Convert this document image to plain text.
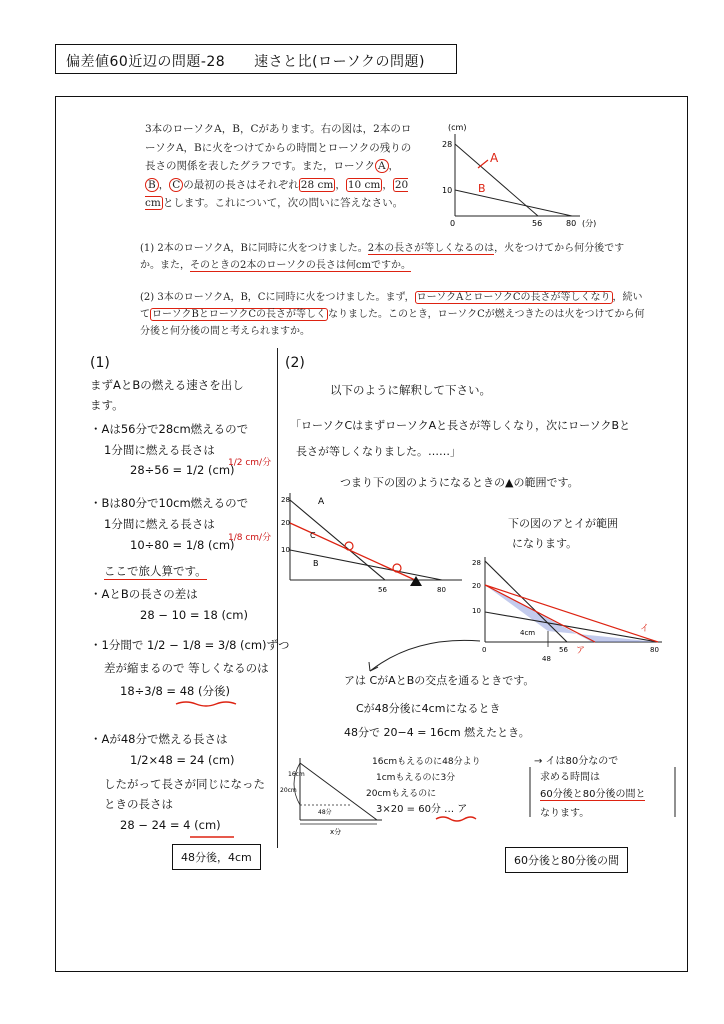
偏差値60近辺の問題-28　　速さと比(ローソクの問題)
3本のローソクA，B，Cがあります。右の図は，2本のローソクA，Bに火をつけてからの時間とローソクの残りの長さの関係を表したグラフです。また，ローソク A ，B ， C の最初の長さはそれぞれ 28 cm ， 10 cm ， 20 cm とします。これについて，次の問いに答えなさい。
(cm)
28
10
0	56	80 (分)
A
B
(1) 2本のローソクA，Bに同時に火をつけました。2本の長さが等しくなるのは，火をつけてから何分後ですか。また，そのときの2本のローソクの長さは何cmですか。
(2) 3本のローソクA，B，Cに同時に火をつけました。まず， ローソクAとローソクCの長さが等しくなり ，続いて ローソクBとローソクCの長さが等しく なりました。このとき，ローソクCが燃えつきたのは火をつけてから何分後と何分後の間と考えられますか。
(1)
まずAとBの燃える速さを出し
ます。
・Aは56分で28cm燃えるので
1分間に燃える長さは
28÷56 = 1/2 (cm)
1/2 cm/分
・Bは80分で10cm燃えるので
1分間に燃える長さは
10÷80 = 1/8 (cm)
1/8 cm/分
ここで旅人算です。
・AとBの長さの差は
28 − 10 = 18 (cm)
・1分間で 1/2 − 1/8 = 3/8 (cm)ずつ
差が縮まるので 等しくなるのは
18÷3/8 = 48 (分後)
・Aが48分で燃える長さは
1/2×48 = 24 (cm)
したがって長さが同じになった
ときの長さは
28 − 24 = 4 (cm)
48分後，4cm
(2)
以下のように解釈して下さい。
「ローソクCはまずローソクAと長さが等しくなり，次にローソクBと
長さが等しくなりました。……」
つまり下の図のようになるときの▲の範囲です。
28
20
10
56	80
A
C
B
下の図のアとイが範囲
になります。
28
20
10
0	56	80
48
4cm
ア
イ
アは CがAとBの交点を通るときです。
Cが48分後に4cmになるとき
48分で 20−4 = 16cm 燃えたとき。
16cm
20cm
48分
x分
16cmもえるのに48分より
1cmもえるのに3分
20cmもえるのに
3×20 = 60分 … ア
→ イは80分なので
求める時間は
60分後と80分後の間と
なります。
60分後と80分後の間
